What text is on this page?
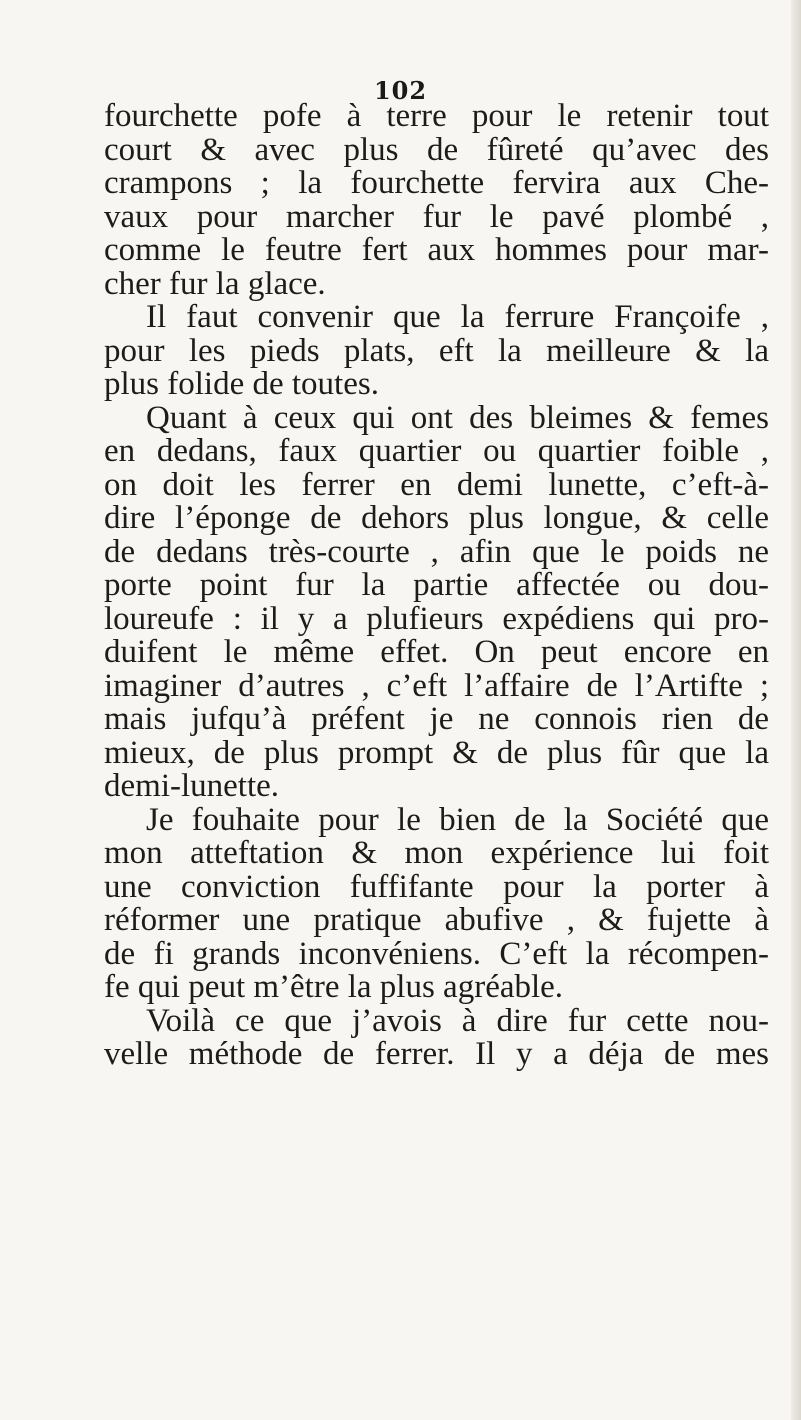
102
fourchette pofe à terre pour le retenir tout
court & avec plus de fûreté qu’avec des
crampons ; la fourchette fervira aux Che-
vaux pour marcher fur le pavé plombé ,
comme le feutre fert aux hommes pour mar-
cher fur la glace.
Il faut convenir que la ferrure Françoife ,
pour les pieds plats, eft la meilleure & la
plus folide de toutes.
Quant à ceux qui ont des bleimes & femes
en dedans, faux quartier ou quartier foible ,
on doit les ferrer en demi lunette, c’eft-à-
dire l’éponge de dehors plus longue, & celle
de dedans très-courte , afin que le poids ne
porte point fur la partie affectée ou dou-
loureufe : il y a plufieurs expédiens qui pro-
duifent le même effet. On peut encore en
imaginer d’autres , c’eft l’affaire de l’Artifte ;
mais jufqu’à préfent je ne connois rien de
mieux, de plus prompt & de plus fûr que la
demi-lunette.
Je fouhaite pour le bien de la Société que
mon atteftation & mon expérience lui foit
une conviction fuffifante pour la porter à
réformer une pratique abufive , & fujette à
de fi grands inconvéniens. C’eft la récompen-
fe qui peut m’être la plus agréable.
Voilà ce que j’avois à dire fur cette nou-
velle méthode de ferrer. Il y a déja de mes
